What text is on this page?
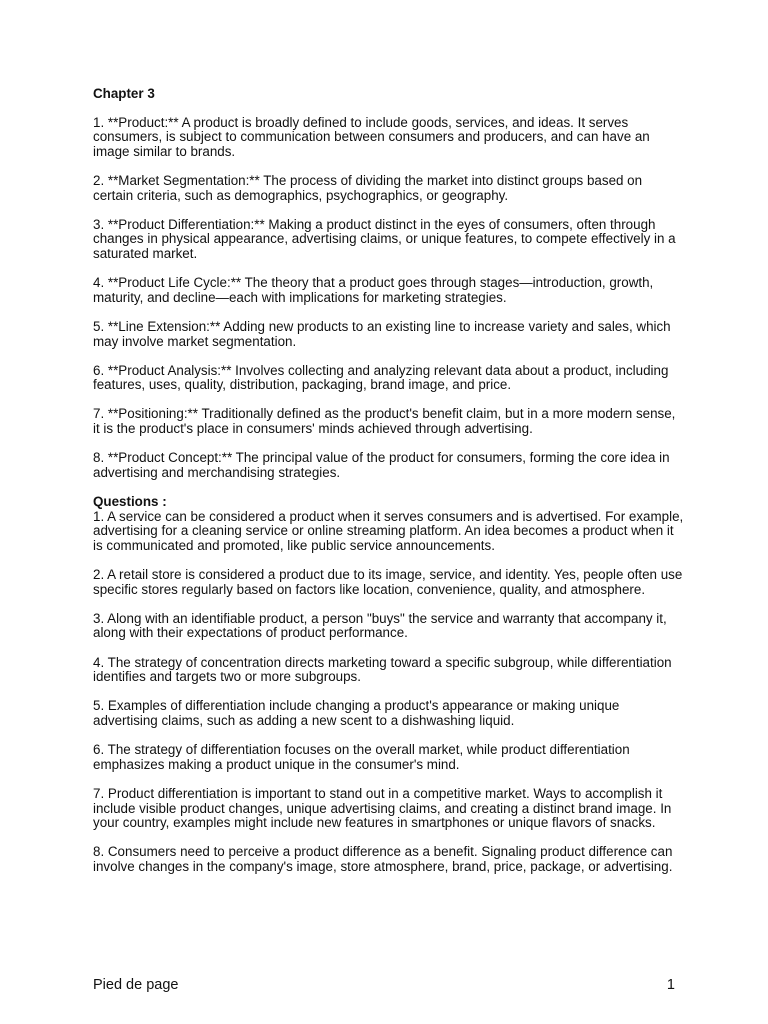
Chapter 3
1. **Product:** A product is broadly defined to include goods, services, and ideas. It serves consumers, is subject to communication between consumers and producers, and can have an image similar to brands.
2. **Market Segmentation:** The process of dividing the market into distinct groups based on certain criteria, such as demographics, psychographics, or geography.
3. **Product Differentiation:** Making a product distinct in the eyes of consumers, often through changes in physical appearance, advertising claims, or unique features, to compete effectively in a saturated market.
4. **Product Life Cycle:** The theory that a product goes through stages—introduction, growth, maturity, and decline—each with implications for marketing strategies.
5. **Line Extension:** Adding new products to an existing line to increase variety and sales, which may involve market segmentation.
6. **Product Analysis:** Involves collecting and analyzing relevant data about a product, including features, uses, quality, distribution, packaging, brand image, and price.
7. **Positioning:** Traditionally defined as the product's benefit claim, but in a more modern sense, it is the product's place in consumers' minds achieved through advertising.
8. **Product Concept:** The principal value of the product for consumers, forming the core idea in advertising and merchandising strategies.
Questions :
1. A service can be considered a product when it serves consumers and is advertised. For example, advertising for a cleaning service or online streaming platform. An idea becomes a product when it is communicated and promoted, like public service announcements.
2. A retail store is considered a product due to its image, service, and identity. Yes, people often use specific stores regularly based on factors like location, convenience, quality, and atmosphere.
3. Along with an identifiable product, a person "buys" the service and warranty that accompany it, along with their expectations of product performance.
4. The strategy of concentration directs marketing toward a specific subgroup, while differentiation identifies and targets two or more subgroups.
5. Examples of differentiation include changing a product's appearance or making unique advertising claims, such as adding a new scent to a dishwashing liquid.
6. The strategy of differentiation focuses on the overall market, while product differentiation emphasizes making a product unique in the consumer's mind.
7. Product differentiation is important to stand out in a competitive market. Ways to accomplish it include visible product changes, unique advertising claims, and creating a distinct brand image. In your country, examples might include new features in smartphones or unique flavors of snacks.
8. Consumers need to perceive a product difference as a benefit. Signaling product difference can involve changes in the company's image, store atmosphere, brand, price, package, or advertising.
Pied de page	1
